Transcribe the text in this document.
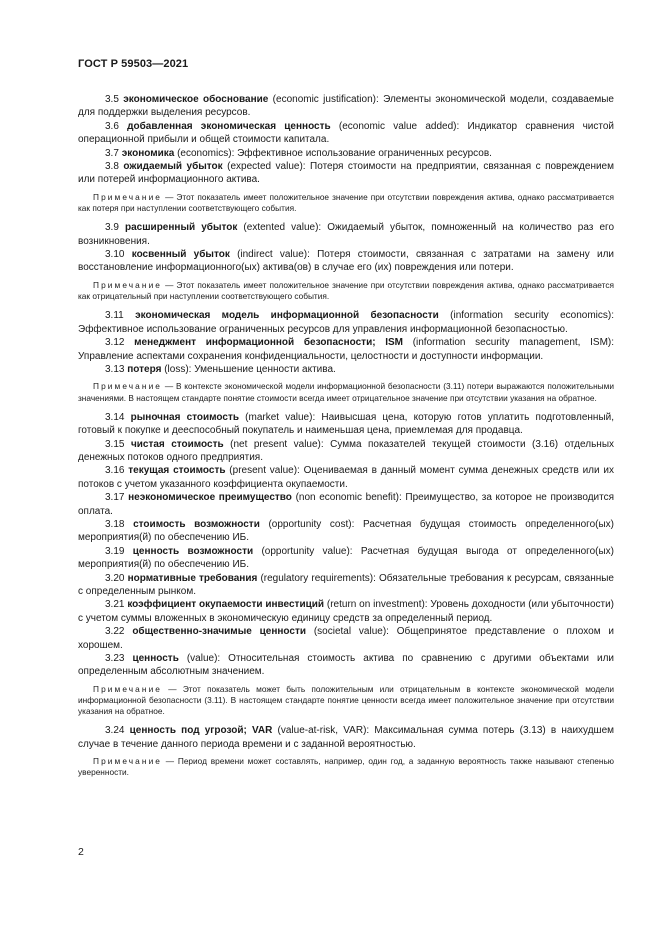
ГОСТ Р 59503—2021

3.5 экономическое обоснование (economic justification): Элементы экономической модели, создаваемые для поддержки выделения ресурсов.

3.6 добавленная экономическая ценность (economic value added): Индикатор сравнения чистой операционной прибыли и общей стоимости капитала.

3.7 экономика (economics): Эффективное использование ограниченных ресурсов.

3.8 ожидаемый убыток (expected value): Потеря стоимости на предприятии, связанная с повреждением или потерей информационного актива.

Примечание — Этот показатель имеет положительное значение при отсутствии повреждения актива, однако рассматривается как потеря при наступлении соответствующего события.

3.9 расширенный убыток (extented value): Ожидаемый убыток, помноженный на количество раз его возникновения.

3.10 косвенный убыток (indirect value): Потеря стоимости, связанная с затратами на замену или восстановление информационного(ых) актива(ов) в случае его (их) повреждения или потери.

Примечание — Этот показатель имеет положительное значение при отсутствии повреждения актива, однако рассматривается как отрицательный при наступлении соответствующего события.

3.11 экономическая модель информационной безопасности (information security economics): Эффективное использование ограниченных ресурсов для управления информационной безопасностью.

3.12 менеджмент информационной безопасности; ISM (information security management, ISM): Управление аспектами сохранения конфиденциальности, целостности и доступности информации.

3.13 потеря (loss): Уменьшение ценности актива.

Примечание — В контексте экономической модели информационной безопасности (3.11) потери выражаются положительными значениями. В настоящем стандарте понятие стоимости всегда имеет отрицательное значение при отсутствии указания на обратное.

3.14 рыночная стоимость (market value): Наивысшая цена, которую готов уплатить подготовленный, готовый к покупке и дееспособный покупатель и наименьшая цена, приемлемая для продавца.

3.15 чистая стоимость (net present value): Сумма показателей текущей стоимости (3.16) отдельных денежных потоков одного предприятия.

3.16 текущая стоимость (present value): Оцениваемая в данный момент сумма денежных средств или их потоков с учетом указанного коэффициента окупаемости.

3.17 неэкономическое преимущество (non economic benefit): Преимущество, за которое не производится оплата.

3.18 стоимость возможности (opportunity cost): Расчетная будущая стоимость определенного(ых) мероприятия(й) по обеспечению ИБ.

3.19 ценность возможности (opportunity value): Расчетная будущая выгода от определенного(ых) мероприятия(й) по обеспечению ИБ.

3.20 нормативные требования (regulatory requirements): Обязательные требования к ресурсам, связанные с определенным рынком.

3.21 коэффициент окупаемости инвестиций (return on investment): Уровень доходности (или убыточности) с учетом суммы вложенных в экономическую единицу средств за определенный период.

3.22 общественно-значимые ценности (societal value): Общепринятое представление о плохом и хорошем.

3.23 ценность (value): Относительная стоимость актива по сравнению с другими объектами или определенным абсолютным значением.

Примечание — Этот показатель может быть положительным или отрицательным в контексте экономической модели информационной безопасности (3.11). В настоящем стандарте понятие ценности всегда имеет положительное значение при отсутствии указания на обратное.

3.24 ценность под угрозой; VAR (value-at-risk, VAR): Максимальная сумма потерь (3.13) в наихудшем случае в течение данного периода времени и с заданной вероятностью.

Примечание — Период времени может составлять, например, один год, а заданную вероятность также называют степенью уверенности.

2
